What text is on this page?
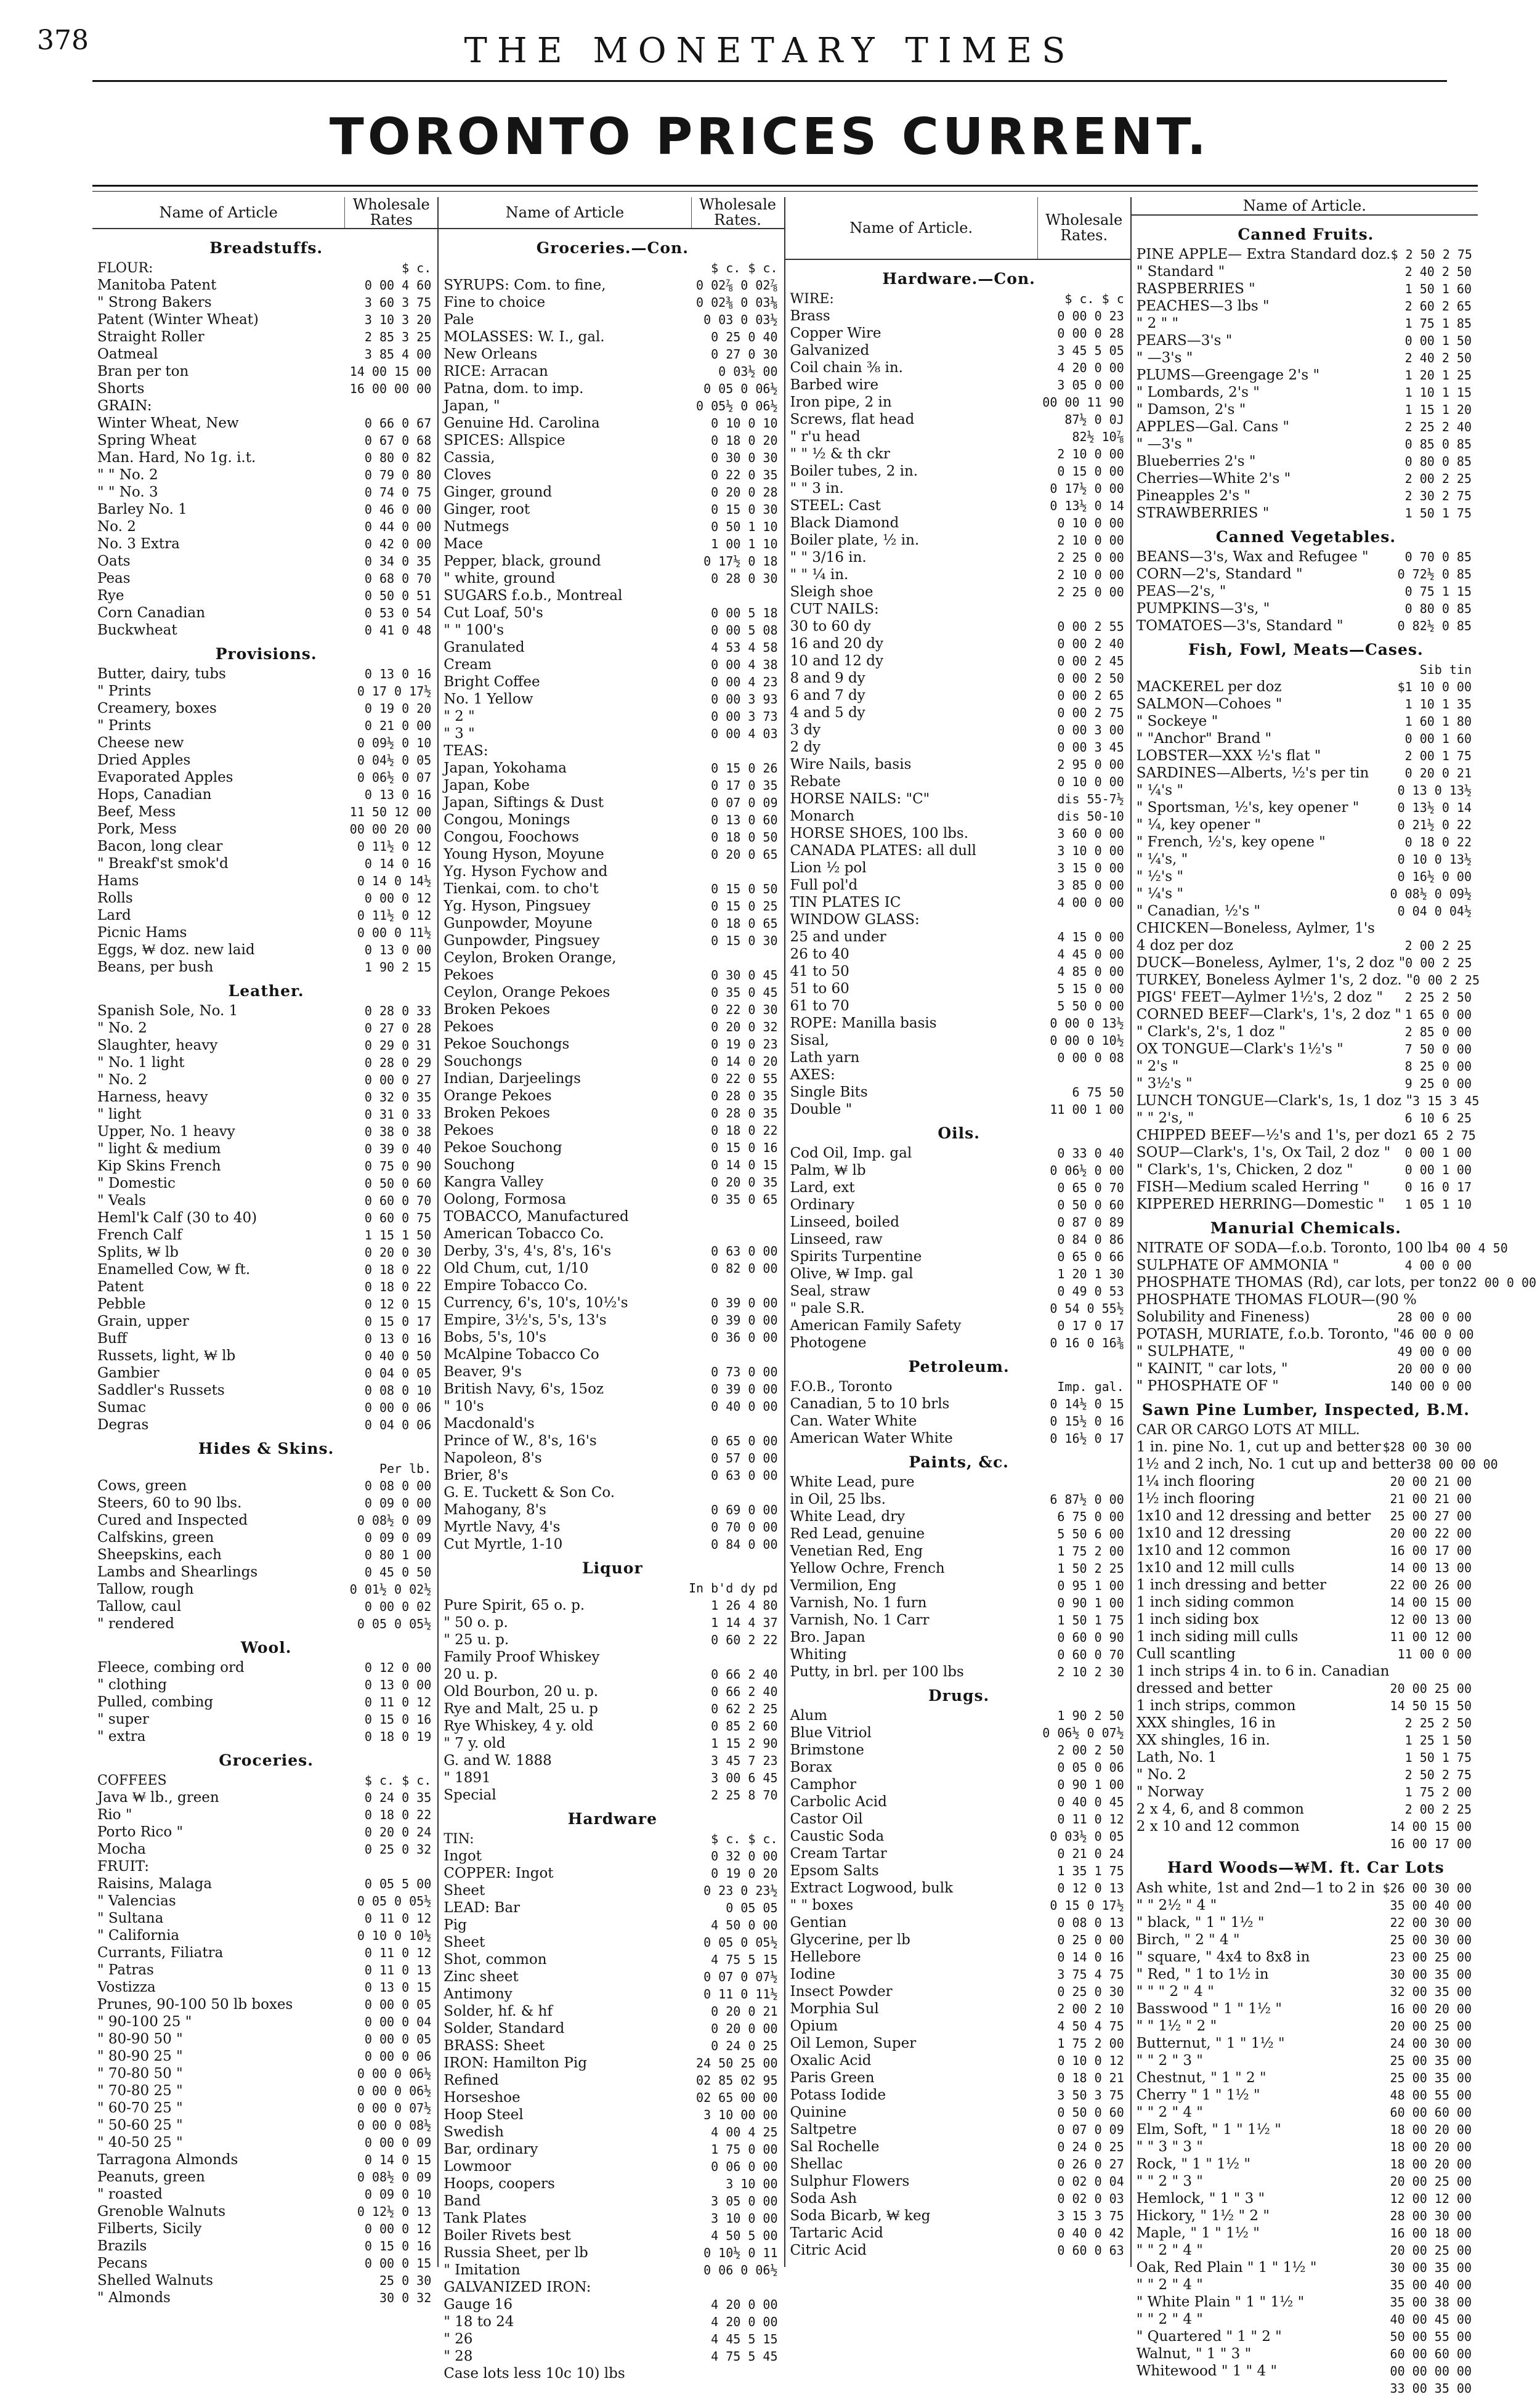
378	THE MONETARY TIMES
TORONTO PRICES CURRENT.
Name of Article	Wholesale Rates
Breadstuffs.
FLOUR:	$ c.
Manitoba Patent	0 00 4 60
" Strong Bakers	3 60 3 75
Patent (Winter Wheat)	3 10 3 20
Straight Roller	2 85 3 25
Oatmeal	3 85 4 00
Bran per ton	14 00 15 00
Shorts	16 00 00 00
GRAIN:
Winter Wheat, New	0 66 0 67
Spring Wheat	0 67 0 68
Man. Hard, No 1g. i.t.	0 80 0 82
" " No. 2	0 79 0 80
" " No. 3	0 74 0 75
Barley No. 1	0 46 0 00
No. 2	0 44 0 00
No. 3 Extra	0 42 0 00
Oats	0 34 0 35
Peas	0 68 0 70
Rye	0 50 0 51
Corn Canadian	0 53 0 54
Buckwheat	0 41 0 48
Provisions.
Butter, dairy, tubs	0 13 0 16
" Prints	0 17 0 17½
Creamery, boxes	0 19 0 20
" Prints	0 21 0 00
Cheese new	0 09½ 0 10
Dried Apples	0 04½ 0 05
Evaporated Apples	0 06½ 0 07
Hops, Canadian	0 13 0 16
Beef, Mess	11 50 12 00
Pork, Mess	00 00 20 00
Bacon, long clear	0 11½ 0 12
" Breakf'st smok'd	0 14 0 16
Hams	0 14 0 14½
Rolls	0 00 0 12
Lard	0 11½ 0 12
Picnic Hams	0 00 0 11½
Eggs, ₩ doz. new laid	0 13 0 00
Beans, per bush	1 90 2 15
Leather.
Spanish Sole, No. 1	0 28 0 33
" No. 2	0 27 0 28
Slaughter, heavy	0 29 0 31
" No. 1 light	0 28 0 29
" No. 2	0 00 0 27
Harness, heavy	0 32 0 35
" light	0 31 0 33
Upper, No. 1 heavy	0 38 0 38
" light & medium	0 39 0 40
Kip Skins French	0 75 0 90
" Domestic	0 50 0 60
" Veals	0 60 0 70
Heml'k Calf (30 to 40)	0 60 0 75
French Calf	1 15 1 50
Splits, ₩ lb	0 20 0 30
Enamelled Cow, ₩ ft.	0 18 0 22
Patent	0 18 0 22
Pebble	0 12 0 15
Grain, upper	0 15 0 17
Buff	0 13 0 16
Russets, light, ₩ lb	0 40 0 50
Gambier	0 04 0 05
Saddler's Russets	0 08 0 10
Sumac	0 00 0 06
Degras	0 04 0 06
Hides & Skins.
Per lb.
Cows, green	0 08 0 00
Steers, 60 to 90 lbs.	0 09 0 00
Cured and Inspected	0 08½ 0 09
Calfskins, green	0 09 0 09
Sheepskins, each	0 80 1 00
Lambs and Shearlings	0 45 0 50
Tallow, rough	0 01½ 0 02½
Tallow, caul	0 00 0 02
" rendered	0 05 0 05½
Wool.
Fleece, combing ord	0 12 0 00
" clothing	0 13 0 00
Pulled, combing	0 11 0 12
" super	0 15 0 16
" extra	0 18 0 19
Groceries.
COFFEES	$ c. $ c.
Java ₩ lb., green	0 24 0 35
Rio "	0 18 0 22
Porto Rico "	0 20 0 24
Mocha	0 25 0 32
FRUIT:
Raisins, Malaga	0 05 5 00
" Valencias	0 05 0 05½
" Sultana	0 11 0 12
" California	0 10 0 10½
Currants, Filiatra	0 11 0 12
" Patras	0 11 0 13
Vostizza	0 13 0 15
Prunes, 90-100 50 lb boxes	0 00 0 05
" 90-100 25 "	0 00 0 04
" 80-90 50 "	0 00 0 05
" 80-90 25 "	0 00 0 06
" 70-80 50 "	0 00 0 06½
" 70-80 25 "	0 00 0 06½
" 60-70 25 "	0 00 0 07½
" 50-60 25 "	0 00 0 08½
" 40-50 25 "	0 00 0 09
Tarragona Almonds	0 14 0 15
Peanuts, green	0 08½ 0 09
" roasted	0 09 0 10
Grenoble Walnuts	0 12½ 0 13
Filberts, Sicily	0 00 0 12
Brazils	0 15 0 16
Pecans	0 00 0 15
Shelled Walnuts	25 0 30
" Almonds	30 0 32
Name of Article	Wholesale Rates.
Groceries.—Con.
$ c. $ c.
SYRUPS: Com. to fine,	0 02⅞ 0 02⅞
Fine to choice	0 02⅜ 0 03⅛
Pale	0 03 0 03½
MOLASSES: W. I., gal.	0 25 0 40
New Orleans	0 27 0 30
RICE: Arracan	0 03½ 00
Patna, dom. to imp.	0 05 0 06½
Japan, "	0 05½ 0 06½
Genuine Hd. Carolina	0 10 0 10
SPICES: Allspice	0 18 0 20
Cassia,	0 30 0 30
Cloves	0 22 0 35
Ginger, ground	0 20 0 28
Ginger, root	0 15 0 30
Nutmegs	0 50 1 10
Mace	1 00 1 10
Pepper, black, ground	0 17½ 0 18
" white, ground	0 28 0 30
SUGARS f.o.b., Montreal
Cut Loaf, 50's	0 00 5 18
" " 100's	0 00 5 08
Granulated	4 53 4 58
Cream	0 00 4 38
Bright Coffee	0 00 4 23
No. 1 Yellow	0 00 3 93
" 2 "	0 00 3 73
" 3 "	0 00 4 03
TEAS:
Japan, Yokohama	0 15 0 26
Japan, Kobe	0 17 0 35
Japan, Siftings & Dust	0 07 0 09
Congou, Monings	0 13 0 60
Congou, Foochows	0 18 0 50
Young Hyson, Moyune	0 20 0 65
Yg. Hyson Fychow and
Tienkai, com. to cho't	0 15 0 50
Yg. Hyson, Pingsuey	0 15 0 25
Gunpowder, Moyune	0 18 0 65
Gunpowder, Pingsuey	0 15 0 30
Ceylon, Broken Orange,
Pekoes	0 30 0 45
Ceylon, Orange Pekoes	0 35 0 45
Broken Pekoes	0 22 0 30
Pekoes	0 20 0 32
Pekoe Souchongs	0 19 0 23
Souchongs	0 14 0 20
Indian, Darjeelings	0 22 0 55
Orange Pekoes	0 28 0 35
Broken Pekoes	0 28 0 35
Pekoes	0 18 0 22
Pekoe Souchong	0 15 0 16
Souchong	0 14 0 15
Kangra Valley	0 20 0 35
Oolong, Formosa	0 35 0 65
TOBACCO, Manufactured
American Tobacco Co.
Derby, 3's, 4's, 8's, 16's	0 63 0 00
Old Chum, cut, 1/10	0 82 0 00
Empire Tobacco Co.
Currency, 6's, 10's, 10½'s	0 39 0 00
Empire, 3½'s, 5's, 13's	0 39 0 00
Bobs, 5's, 10's	0 36 0 00
McAlpine Tobacco Co
Beaver, 9's	0 73 0 00
British Navy, 6's, 15oz	0 39 0 00
" 10's	0 40 0 00
Macdonald's
Prince of W., 8's, 16's	0 65 0 00
Napoleon, 8's	0 57 0 00
Brier, 8's	0 63 0 00
G. E. Tuckett & Son Co.
Mahogany, 8's	0 69 0 00
Myrtle Navy, 4's	0 70 0 00
Cut Myrtle, 1-10	0 84 0 00
Liquor
In b'd dy pd
Pure Spirit, 65 o. p.	1 26 4 80
" 50 o. p.	1 14 4 37
" 25 u. p.	0 60 2 22
Family Proof Whiskey
20 u. p.	0 66 2 40
Old Bourbon, 20 u. p.	0 66 2 40
Rye and Malt, 25 u. p	0 62 2 25
Rye Whiskey, 4 y. old	0 85 2 60
" 7 y. old	1 15 2 90
G. and W. 1888	3 45 7 23
" 1891	3 00 6 45
Special	2 25 8 70
Hardware
TIN:	$ c. $ c.
Ingot	0 32 0 00
COPPER: Ingot	0 19 0 20
Sheet	0 23 0 23½
LEAD: Bar	0 05 05
Pig	4 50 0 00
Sheet	0 05 0 05½
Shot, common	4 75 5 15
Zinc sheet	0 07 0 07½
Antimony	0 11 0 11½
Solder, hf. & hf	0 20 0 21
Solder, Standard	0 20 0 00
BRASS: Sheet	0 24 0 25
IRON: Hamilton Pig	24 50 25 00
Refined	02 85 02 95
Horseshoe	02 65 00 00
Hoop Steel	3 10 00 00
Swedish	4 00 4 25
Bar, ordinary	1 75 0 00
Lowmoor	0 06 0 00
Hoops, coopers	3 10 00
Band	3 05 0 00
Tank Plates	3 10 0 00
Boiler Rivets best	4 50 5 00
Russia Sheet, per lb	0 10½ 0 11
" Imitation	0 06 0 06½
GALVANIZED IRON:
Gauge 16	4 20 0 00
" 18 to 24	4 20 0 00
" 26	4 45 5 15
" 28	4 75 5 45
Case lots less 10c 10) lbs
Name of Article.	Wholesale Rates.
Hardware.—Con.
WIRE:	$ c. $ c
Brass	0 00 0 23
Copper Wire	0 00 0 28
Galvanized	3 45 5 05
Coil chain ⅜ in.	4 20 0 00
Barbed wire	3 05 0 00
Iron pipe, 2 in	00 00 11 90
Screws, flat head	87½ 0 0J
" r'u head	82½ 10⅞
" " ½ & th ckr	2 10 0 00
Boiler tubes, 2 in.	0 15 0 00
" " 3 in.	0 17½ 0 00
STEEL: Cast	0 13½ 0 14
Black Diamond	0 10 0 00
Boiler plate, ½ in.	2 10 0 00
" " 3/16 in.	2 25 0 00
" " ¼ in.	2 10 0 00
Sleigh shoe	2 25 0 00
CUT NAILS:
30 to 60 dy	0 00 2 55
16 and 20 dy	0 00 2 40
10 and 12 dy	0 00 2 45
8 and 9 dy	0 00 2 50
6 and 7 dy	0 00 2 65
4 and 5 dy	0 00 2 75
3 dy	0 00 3 00
2 dy	0 00 3 45
Wire Nails, basis	2 95 0 00
Rebate	0 10 0 00
HORSE NAILS: "C"	dis 55-7½
Monarch	dis 50-10
HORSE SHOES, 100 lbs.	3 60 0 00
CANADA PLATES: all dull	3 10 0 00
Lion ½ pol	3 15 0 00
Full pol'd	3 85 0 00
TIN PLATES IC	4 00 0 00
WINDOW GLASS:
25 and under	4 15 0 00
26 to 40	4 45 0 00
41 to 50	4 85 0 00
51 to 60	5 15 0 00
61 to 70	5 50 0 00
ROPE: Manilla basis	0 00 0 13½
Sisal,	0 00 0 10½
Lath yarn	0 00 0 08
AXES:
Single Bits	6 75 50
Double "	11 00 1 00
Oils.
Cod Oil, Imp. gal	0 33 0 40
Palm, ₩ lb	0 06½ 0 00
Lard, ext	0 65 0 70
Ordinary	0 50 0 60
Linseed, boiled	0 87 0 89
Linseed, raw	0 84 0 86
Spirits Turpentine	0 65 0 66
Olive, ₩ Imp. gal	1 20 1 30
Seal, straw	0 49 0 53
" pale S.R.	0 54 0 55½
American Family Safety	0 17 0 17
Photogene	0 16 0 16⅜
Petroleum.
F.O.B., Toronto	Imp. gal.
Canadian, 5 to 10 brls	0 14½ 0 15
Can. Water White	0 15½ 0 16
American Water White	0 16½ 0 17
Paints, &c.
White Lead, pure
in Oil, 25 lbs.	6 87½ 0 00
White Lead, dry	6 75 0 00
Red Lead, genuine	5 50 6 00
Venetian Red, Eng	1 75 2 00
Yellow Ochre, French	1 50 2 25
Vermilion, Eng	0 95 1 00
Varnish, No. 1 furn	0 90 1 00
Varnish, No. 1 Carr	1 50 1 75
Bro. Japan	0 60 0 90
Whiting	0 60 0 70
Putty, in brl. per 100 lbs	2 10 2 30
Drugs.
Alum	1 90 2 50
Blue Vitriol	0 06½ 0 07½
Brimstone	2 00 2 50
Borax	0 05 0 06
Camphor	0 90 1 00
Carbolic Acid	0 40 0 45
Castor Oil	0 11 0 12
Caustic Soda	0 03½ 0 05
Cream Tartar	0 21 0 24
Epsom Salts	1 35 1 75
Extract Logwood, bulk	0 12 0 13
" " boxes	0 15 0 17½
Gentian	0 08 0 13
Glycerine, per lb	0 25 0 00
Hellebore	0 14 0 16
Iodine	3 75 4 75
Insect Powder	0 25 0 30
Morphia Sul	2 00 2 10
Opium	4 50 4 75
Oil Lemon, Super	1 75 2 00
Oxalic Acid	0 10 0 12
Paris Green	0 18 0 21
Potass Iodide	3 50 3 75
Quinine	0 50 0 60
Saltpetre	0 07 0 09
Sal Rochelle	0 24 0 25
Shellac	0 26 0 27
Sulphur Flowers	0 02 0 04
Soda Ash	0 02 0 03
Soda Bicarb, ₩ keg	3 15 3 75
Tartaric Acid	0 40 0 42
Citric Acid	0 60 0 63
Name of Article.
Canned Fruits.
PINE APPLE— Extra Standard doz. $ 2 50 2 75
" Standard "	2 40 2 50
RASPBERRIES "	1 50 1 60
PEACHES—3 lbs "	2 60 2 65
" 2 " "	1 75 1 85
PEARS—3's "	0 00 1 50
" —3's "	2 40 2 50
PLUMS—Greengage 2's "	1 20 1 25
" Lombards, 2's "	1 10 1 15
" Damson, 2's "	1 15 1 20
APPLES—Gal. Cans "	2 25 2 40
" —3's "	0 85 0 85
Blueberries 2's "	0 80 0 85
Cherries—White 2's "	2 00 2 25
Pineapples 2's "	2 30 2 75
STRAWBERRIES "	1 50 1 75
Canned Vegetables.
BEANS—3's, Wax and Refugee "	0 70 0 85
CORN—2's, Standard "	0 72½ 0 85
PEAS—2's, "	0 75 1 15
PUMPKINS—3's, "	0 80 0 85
TOMATOES—3's, Standard "	0 82½ 0 85
Fish, Fowl, Meats—Cases.
Sib tin
MACKEREL per doz	$1 10 0 00
SALMON—Cohoes "	1 10 1 35
" Sockeye "	1 60 1 80
" "Anchor" Brand "	0 00 1 60
LOBSTER—XXX ½'s flat "	2 00 1 75
SARDINES—Alberts, ½'s per tin	0 20 0 21
" ¼'s "	0 13 0 13½
" Sportsman, ½'s, key opener "	0 13½ 0 14
" ¼, key opener "	0 21½ 0 22
" French, ½'s, key opene "	0 18 0 22
" ¼'s, "	0 10 0 13½
" ½'s "	0 16½ 0 00
" ¼'s "	0 08½ 0 09½
" Canadian, ½'s "	0 04 0 04½
CHICKEN—Boneless, Aylmer, 1's
4 doz per doz	2 00 2 25
DUCK—Boneless, Aylmer, 1's, 2 doz " 0 00 2 25
TURKEY, Boneless Aylmer 1's, 2 doz. " 0 00 2 25
PIGS' FEET—Aylmer 1½'s, 2 doz "	2 25 2 50
CORNED BEEF—Clark's, 1's, 2 doz " 1 65 0 00
" Clark's, 2's, 1 doz "	2 85 0 00
OX TONGUE—Clark's 1½'s "	7 50 0 00
" 2's "	8 25 0 00
" 3½'s "	9 25 0 00
LUNCH TONGUE—Clark's, 1s, 1 doz " 3 15 3 45
" " 2's, "	6 10 6 25
CHIPPED BEEF—½'s and 1's, per doz 1 65 2 75
SOUP—Clark's, 1's, Ox Tail, 2 doz "	0 00 1 00
" Clark's, 1's, Chicken, 2 doz "	0 00 1 00
FISH—Medium scaled Herring "	0 16 0 17
KIPPERED HERRING—Domestic "	1 05 1 10
Manurial Chemicals.
NITRATE OF SODA—f.o.b. Toronto, 100 lb 4 00 4 50
SULPHATE OF AMMONIA "	4 00 0 00
PHOSPHATE THOMAS (Rd), car lots, per ton 22 00 0 00
PHOSPHATE THOMAS FLOUR—(90 %
Solubility and Fineness)	28 00 0 00
POTASH, MURIATE, f.o.b. Toronto, " 46 00 0 00
" SULPHATE, "	49 00 0 00
" KAINIT, " car lots, "	20 00 0 00
" PHOSPHATE OF "	140 00 0 00
Sawn Pine Lumber, Inspected, B.M.
CAR OR CARGO LOTS AT MILL.
1 in. pine No. 1, cut up and better $28 00 30 00
1½ and 2 inch, No. 1 cut up and better 38 00 00 00
1¼ inch flooring	20 00 21 00
1½ inch flooring	21 00 21 00
1x10 and 12 dressing and better	25 00 27 00
1x10 and 12 dressing	20 00 22 00
1x10 and 12 common	16 00 17 00
1x10 and 12 mill culls	14 00 13 00
1 inch dressing and better	22 00 26 00
1 inch siding common	14 00 15 00
1 inch siding box	12 00 13 00
1 inch siding mill culls	11 00 12 00
Cull scantling	11 00 0 00
1 inch strips 4 in. to 6 in. Canadian
dressed and better	20 00 25 00
1 inch strips, common	14 50 15 50
XXX shingles, 16 in	2 25 2 50
XX shingles, 16 in.	1 25 1 50
Lath, No. 1	1 50 1 75
" No. 2	2 50 2 75
" Norway	1 75 2 00
2 x 4, 6, and 8 common	2 00 2 25
2 x 10 and 12 common	14 00 15 00
16 00 17 00
Hard Woods—₩M. ft. Car Lots
Ash white, 1st and 2nd—1 to 2 in $26 00 30 00
" " 2½ " 4 "	35 00 40 00
" black, " 1 " 1½ "	22 00 30 00
Birch, " 2 " 4 "	25 00 30 00
" square, " 4x4 to 8x8 in	23 00 25 00
" Red, " 1 to 1½ in	30 00 35 00
" " " 2 " 4 "	32 00 35 00
Basswood " 1 " 1½ "	16 00 20 00
" " 1½ " 2 "	20 00 25 00
Butternut, " 1 " 1½ "	24 00 30 00
" " 2 " 3 "	25 00 35 00
Chestnut, " 1 " 2 "	25 00 35 00
Cherry " 1 " 1½ "	48 00 55 00
" " 2 " 4 "	60 00 60 00
Elm, Soft, " 1 " 1½ "	18 00 20 00
" " 3 " 3 "	18 00 20 00
Rock, " 1 " 1½ "	18 00 20 00
" " 2 " 3 "	20 00 25 00
Hemlock, " 1 " 3 "	12 00 12 00
Hickory, " 1½ " 2 "	28 00 30 00
Maple, " 1 " 1½ "	16 00 18 00
" " 2 " 4 "	20 00 25 00
Oak, Red Plain " 1 " 1½ "	30 00 35 00
" " 2 " 4 "	35 00 40 00
" White Plain " 1 " 1½ "	35 00 38 00
" " 2 " 4 "	40 00 45 00
" Quartered " 1 " 2 "	50 00 55 00
Walnut, " 1 " 3 "	60 00 60 00
Whitewood " 1 " 4 "	00 00 00 00
33 00 35 00
